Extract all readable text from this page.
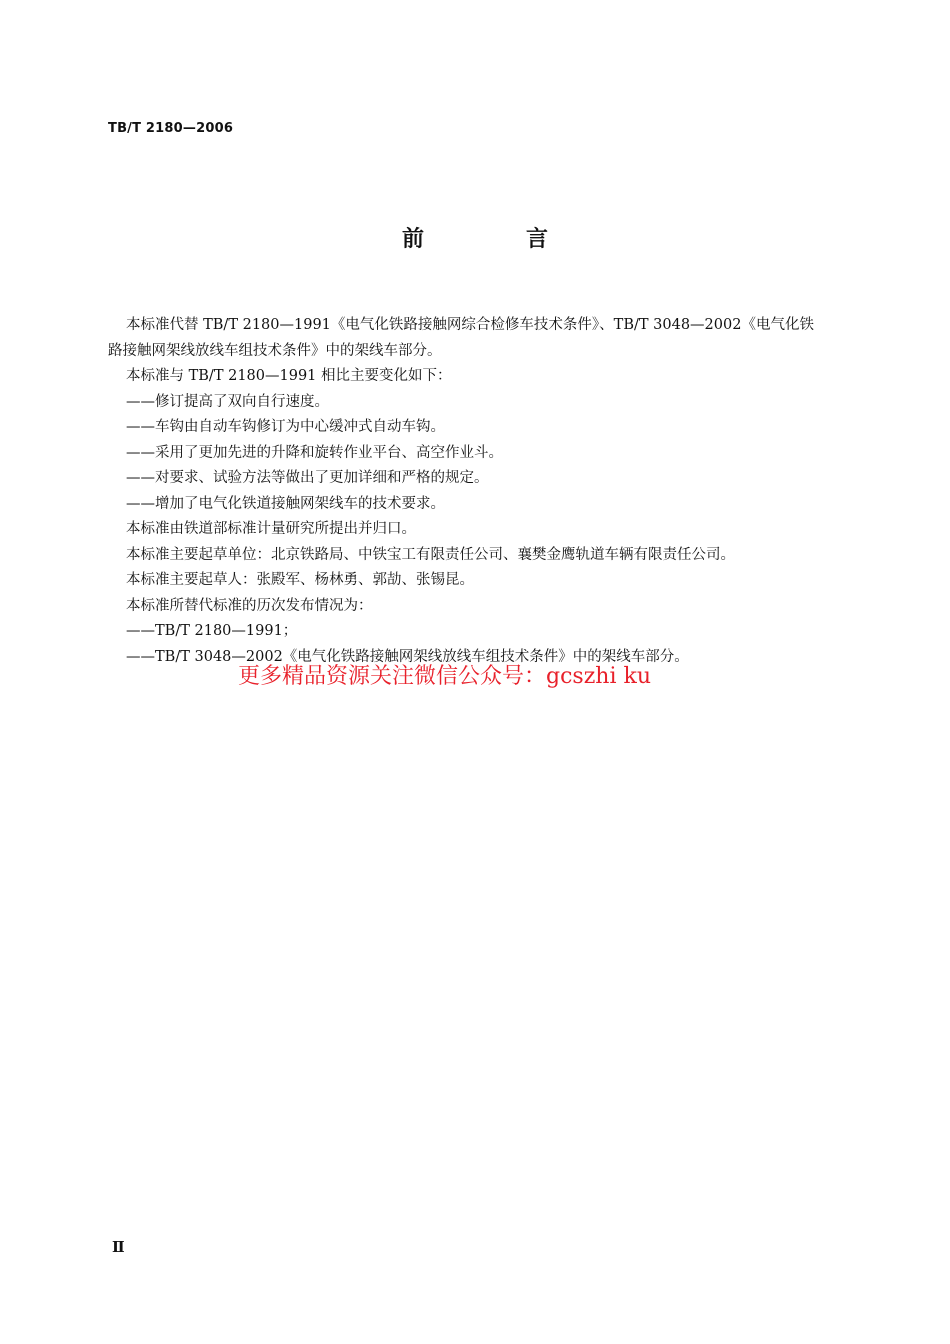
TB/T 2180—2006
前　言

本标准代替 TB/T 2180—1991《电气化铁路接触网综合检修车技术条件》、TB/T 3048—2002《电气化铁路接触网架线放线车组技术条件》中的架线车部分。

本标准与 TB/T 2180—1991 相比主要变化如下：

——修订提高了双向自行速度。

——车钩由自动车钩修订为中心缓冲式自动车钩。

——采用了更加先进的升降和旋转作业平台、高空作业斗。

——对要求、试验方法等做出了更加详细和严格的规定。

——增加了电气化铁道接触网架线车的技术要求。

本标准由铁道部标准计量研究所提出并归口。

本标准主要起草单位：北京铁路局、中铁宝工有限责任公司、襄樊金鹰轨道车辆有限责任公司。

本标准主要起草人：张殿军、杨林勇、郭劼、张锡昆。

本标准所替代标准的历次发布情况为：

——TB/T 2180—1991；

——TB/T 3048—2002《电气化铁路接触网架线放线车组技术条件》中的架线车部分。

更多精品资源关注微信公众号：gcszhi ku
Ⅱ
